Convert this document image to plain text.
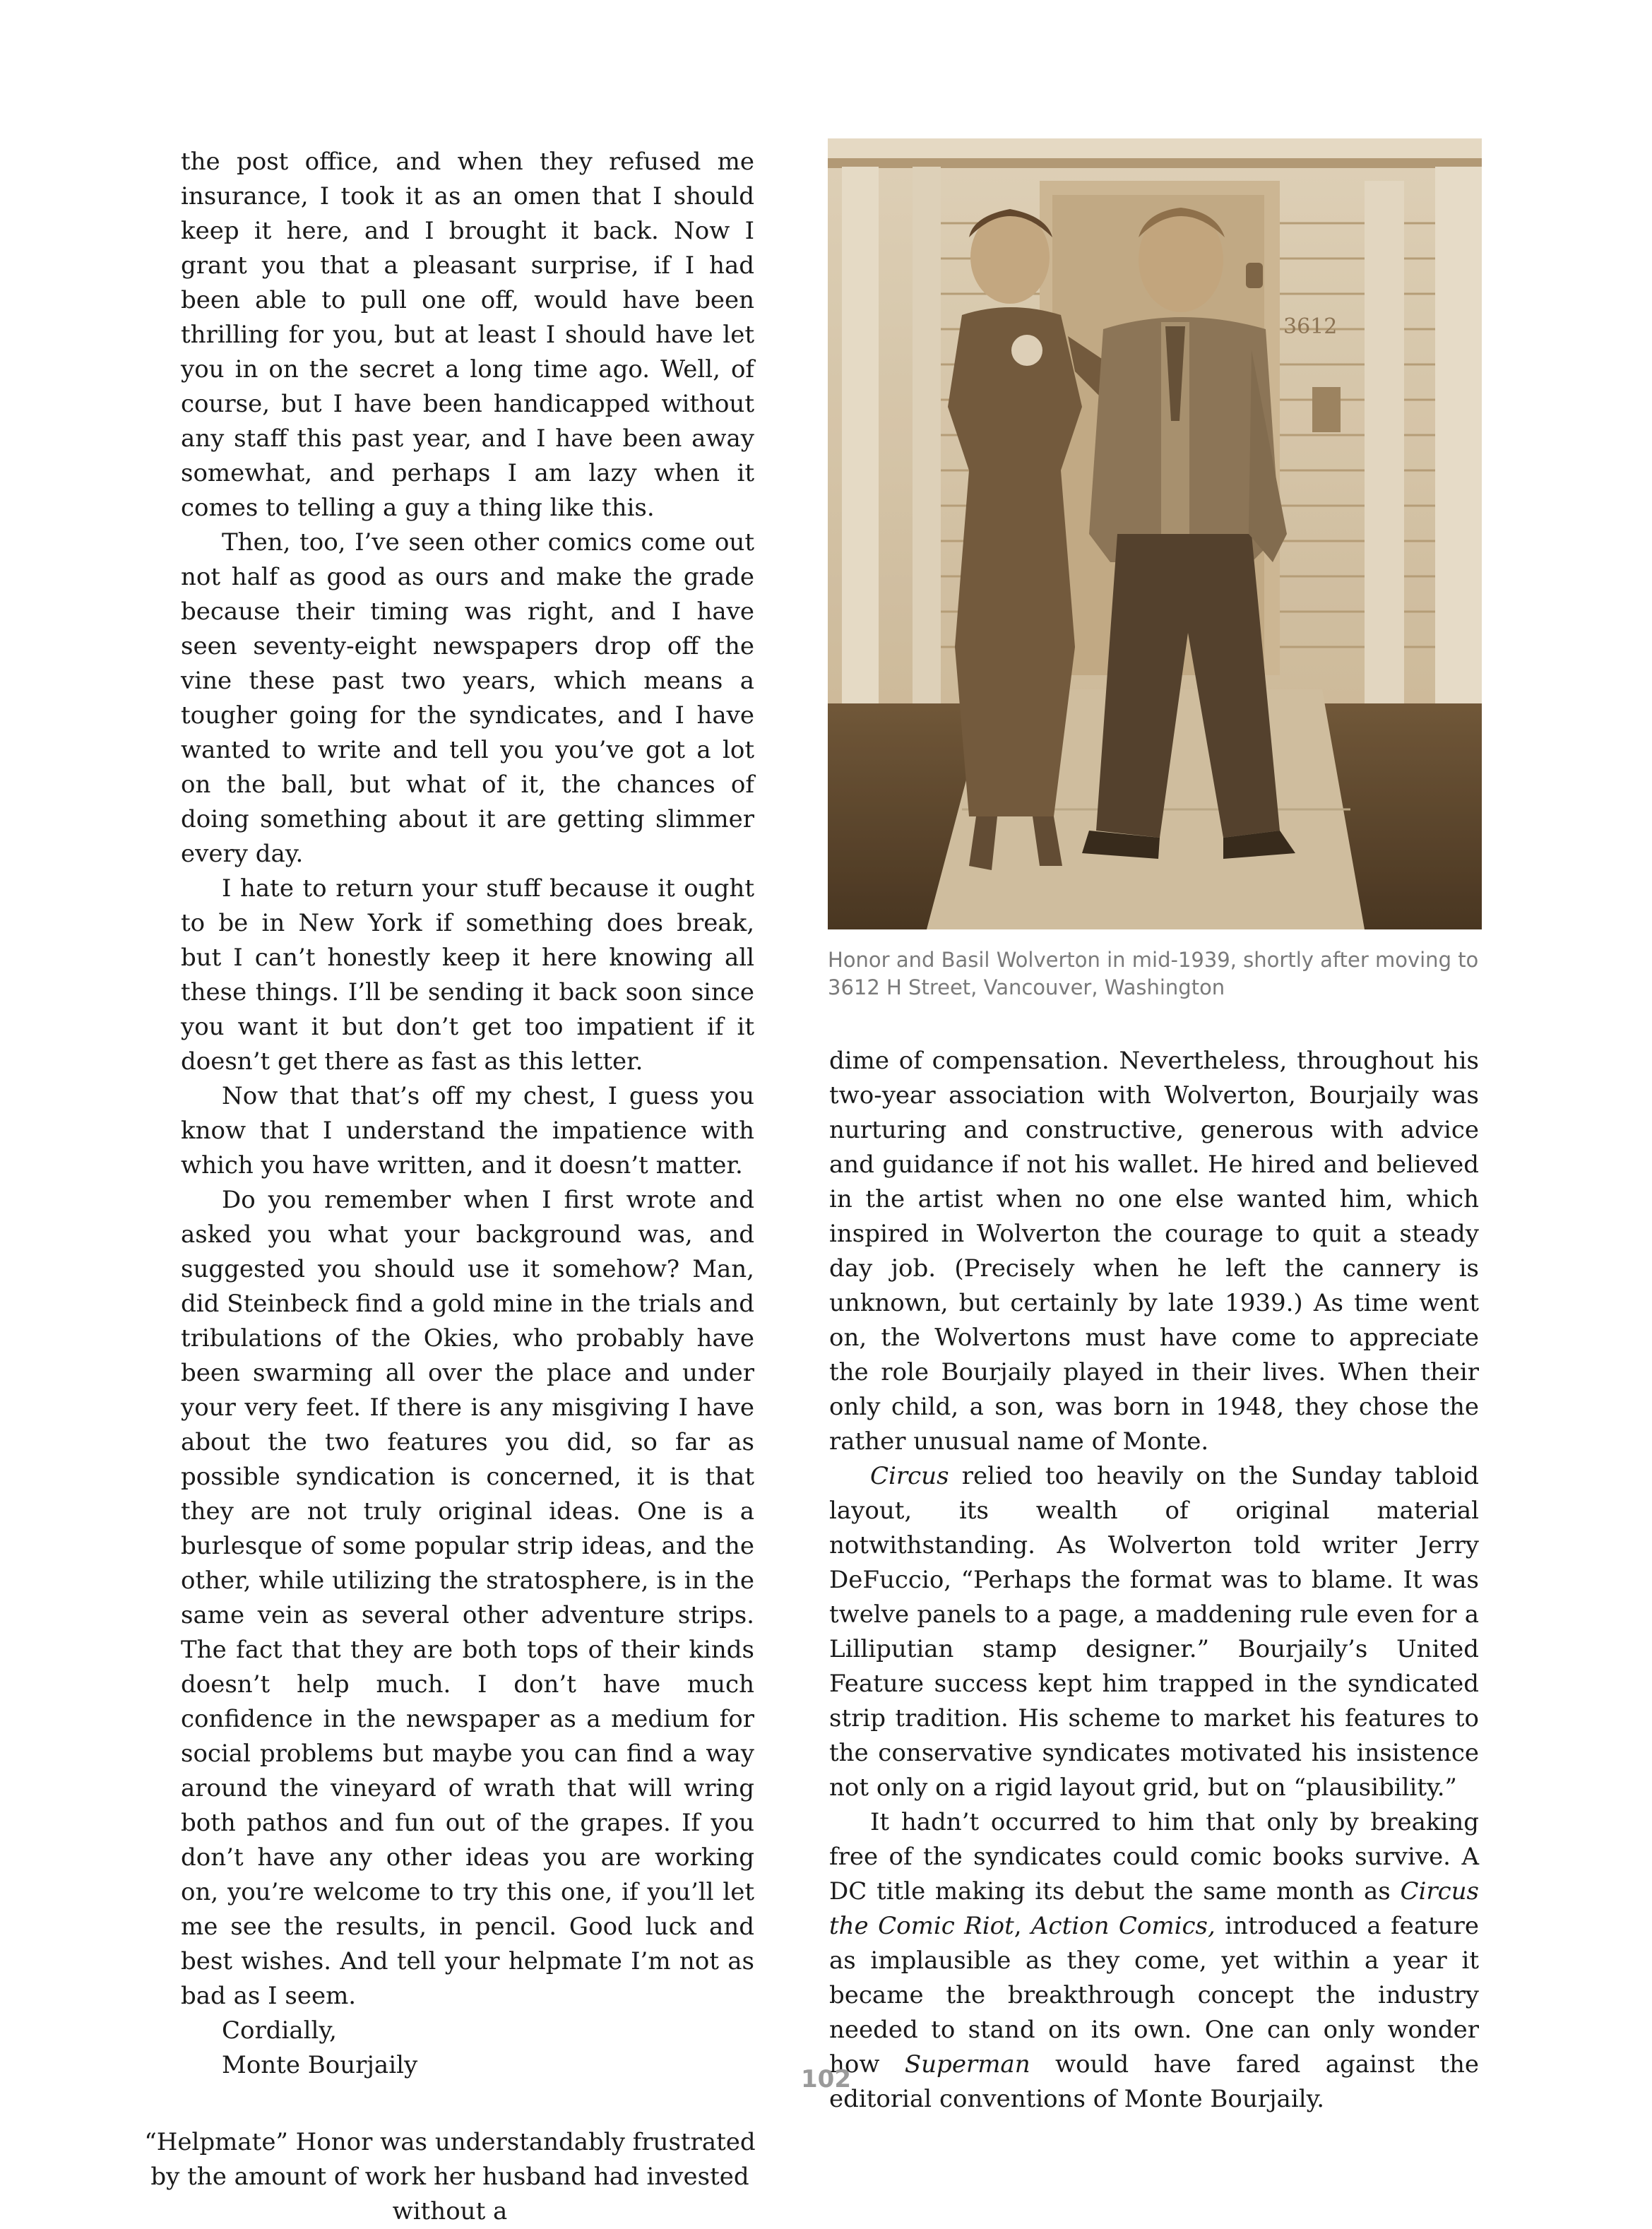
the post office, and when they refused me insurance, I took it as an omen that I should keep it here, and I brought it back. Now I grant you that a pleasant surprise, if I had been able to pull one off, would have been thrilling for you, but at least I should have let you in on the secret a long time ago. Well, of course, but I have been handicapped without any staff this past year, and I have been away somewhat, and perhaps I am lazy when it comes to telling a guy a thing like this.

Then, too, I’ve seen other comics come out not half as good as ours and make the grade because their timing was right, and I have seen seventy-eight newspapers drop off the vine these past two years, which means a tougher going for the syndicates, and I have wanted to write and tell you you’ve got a lot on the ball, but what of it, the chances of doing something about it are getting slimmer every day.

I hate to return your stuff because it ought to be in New York if something does break, but I can’t honestly keep it here knowing all these things. I’ll be sending it back soon since you want it but don’t get too impatient if it doesn’t get there as fast as this letter.

Now that that’s off my chest, I guess you know that I understand the impatience with which you have written, and it doesn’t matter.

Do you remember when I first wrote and asked you what your background was, and suggested you should use it somehow? Man, did Steinbeck find a gold mine in the trials and tribulations of the Okies, who probably have been swarming all over the place and under your very feet. If there is any misgiving I have about the two features you did, so far as possible syndication is concerned, it is that they are not truly original ideas. One is a burlesque of some popular strip ideas, and the other, while utilizing the stratosphere, is in the same vein as several other adventure strips. The fact that they are both tops of their kinds doesn’t help much. I don’t have much confidence in the newspaper as a medium for social problems but maybe you can find a way around the vineyard of wrath that will wring both pathos and fun out of the grapes. If you don’t have any other ideas you are working on, you’re welcome to try this one, if you’ll let me see the results, in pencil. Good luck and best wishes. And tell your helpmate I’m not as bad as I seem.

Cordially,

Monte Bourjaily

“Helpmate” Honor was understandably frustrated by the amount of work her husband had invested without a

3612
Honor and Basil Wolverton in mid-1939, shortly after moving to 3612 H Street, Vancouver, Washington

dime of compensation. Nevertheless, throughout his two-year association with Wolverton, Bourjaily was nurturing and constructive, generous with advice and guidance if not his wallet. He hired and believed in the artist when no one else wanted him, which inspired in Wolverton the courage to quit a steady day job. (Precisely when he left the cannery is unknown, but certainly by late 1939.) As time went on, the Wolvertons must have come to appreciate the role Bourjaily played in their lives. When their only child, a son, was born in 1948, they chose the rather unusual name of Monte.

Circus relied too heavily on the Sunday tabloid layout, its wealth of original material notwithstanding. As Wolverton told writer Jerry DeFuccio, “Perhaps the format was to blame. It was twelve panels to a page, a maddening rule even for a Lilliputian stamp designer.” Bourjaily’s United Feature success kept him trapped in the syndicated strip tradition. His scheme to market his features to the conservative syndicates motivated his insistence not only on a rigid layout grid, but on “plausibility.”

It hadn’t occurred to him that only by breaking free of the syndicates could comic books survive. A DC title making its debut the same month as Circus the Comic Riot, Action Comics, introduced a feature as implausible as they come, yet within a year it became the breakthrough concept the industry needed to stand on its own. One can only wonder how Superman would have fared against the editorial conventions of Monte Bourjaily.

102
